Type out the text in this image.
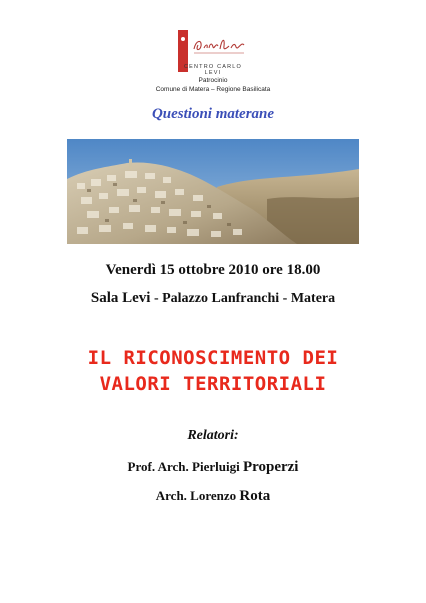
CENTRO CARLO LEVI
Patrocinio
Comune di Matera – Regione Basilicata
Questioni materane
Venerdì 15 ottobre 2010 ore 18.00
Sala Levi - Palazzo Lanfranchi - Matera
IL RICONOSCIMENTO DEI
VALORI TERRITORIALI
Relatori:
Prof. Arch. Pierluigi Properzi
Arch. Lorenzo Rota
